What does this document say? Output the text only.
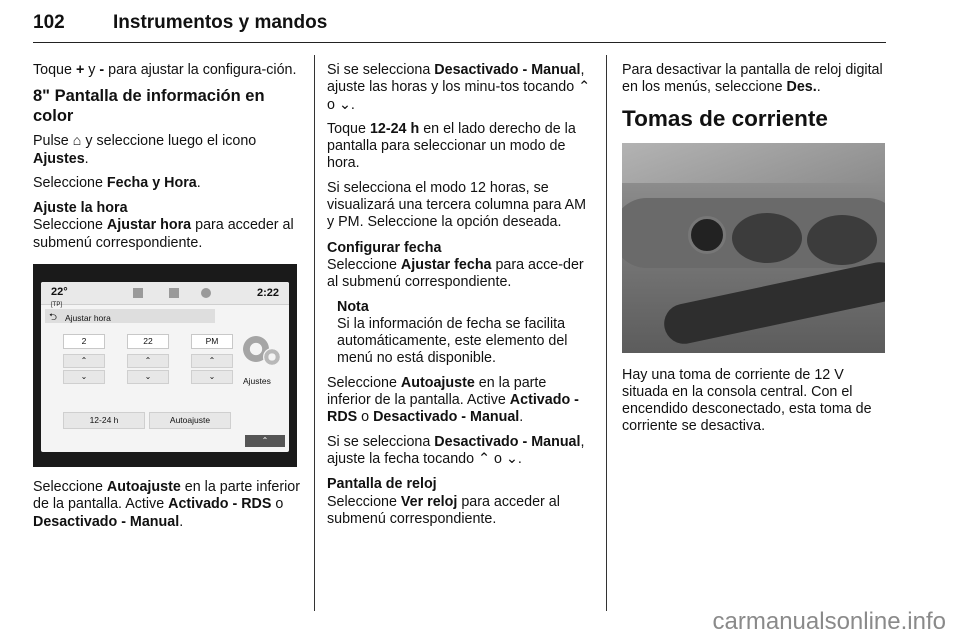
102	Instrumentos y mandos

Toque + y - para ajustar la configura-ción.

8" Pantalla de información en color

Pulse ⌂ y seleccione luego el icono Ajustes.

Seleccione Fecha y Hora.

Ajuste la hora

Seleccione Ajustar hora para acceder al submenú correspondiente.

22°
[TP]
2:22
⮌ Ajustar hora
2	22	PM
⌃
⌄
⌃
⌄
⌃
⌄
12-24 h	Autoajuste
Ajustes
⌃

Seleccione Autoajuste en la parte inferior de la pantalla. Active Activado - RDS o Desactivado - Manual.

Si se selecciona Desactivado - Manual, ajuste las horas y los minu-tos tocando ⌃ o ⌄.

Toque 12-24 h en el lado derecho de la pantalla para seleccionar un modo de hora.

Si selecciona el modo 12 horas, se visualizará una tercera columna para AM y PM. Seleccione la opción deseada.

Configurar fecha

Seleccione Ajustar fecha para acce-der al submenú correspondiente.

Nota
Si la información de fecha se facilita automáticamente, este elemento del menú no está disponible.

Seleccione Autoajuste en la parte inferior de la pantalla. Active Activado - RDS o Desactivado - Manual.

Si se selecciona Desactivado - Manual, ajuste la fecha tocando ⌃ o ⌄.

Pantalla de reloj

Seleccione Ver reloj para acceder al submenú correspondiente.

Para desactivar la pantalla de reloj digital en los menús, seleccione Des..

Tomas de corriente

Hay una toma de corriente de 12 V situada en la consola central. Con el encendido desconectado, esta toma de corriente se desactiva.

carmanualsonline.info
